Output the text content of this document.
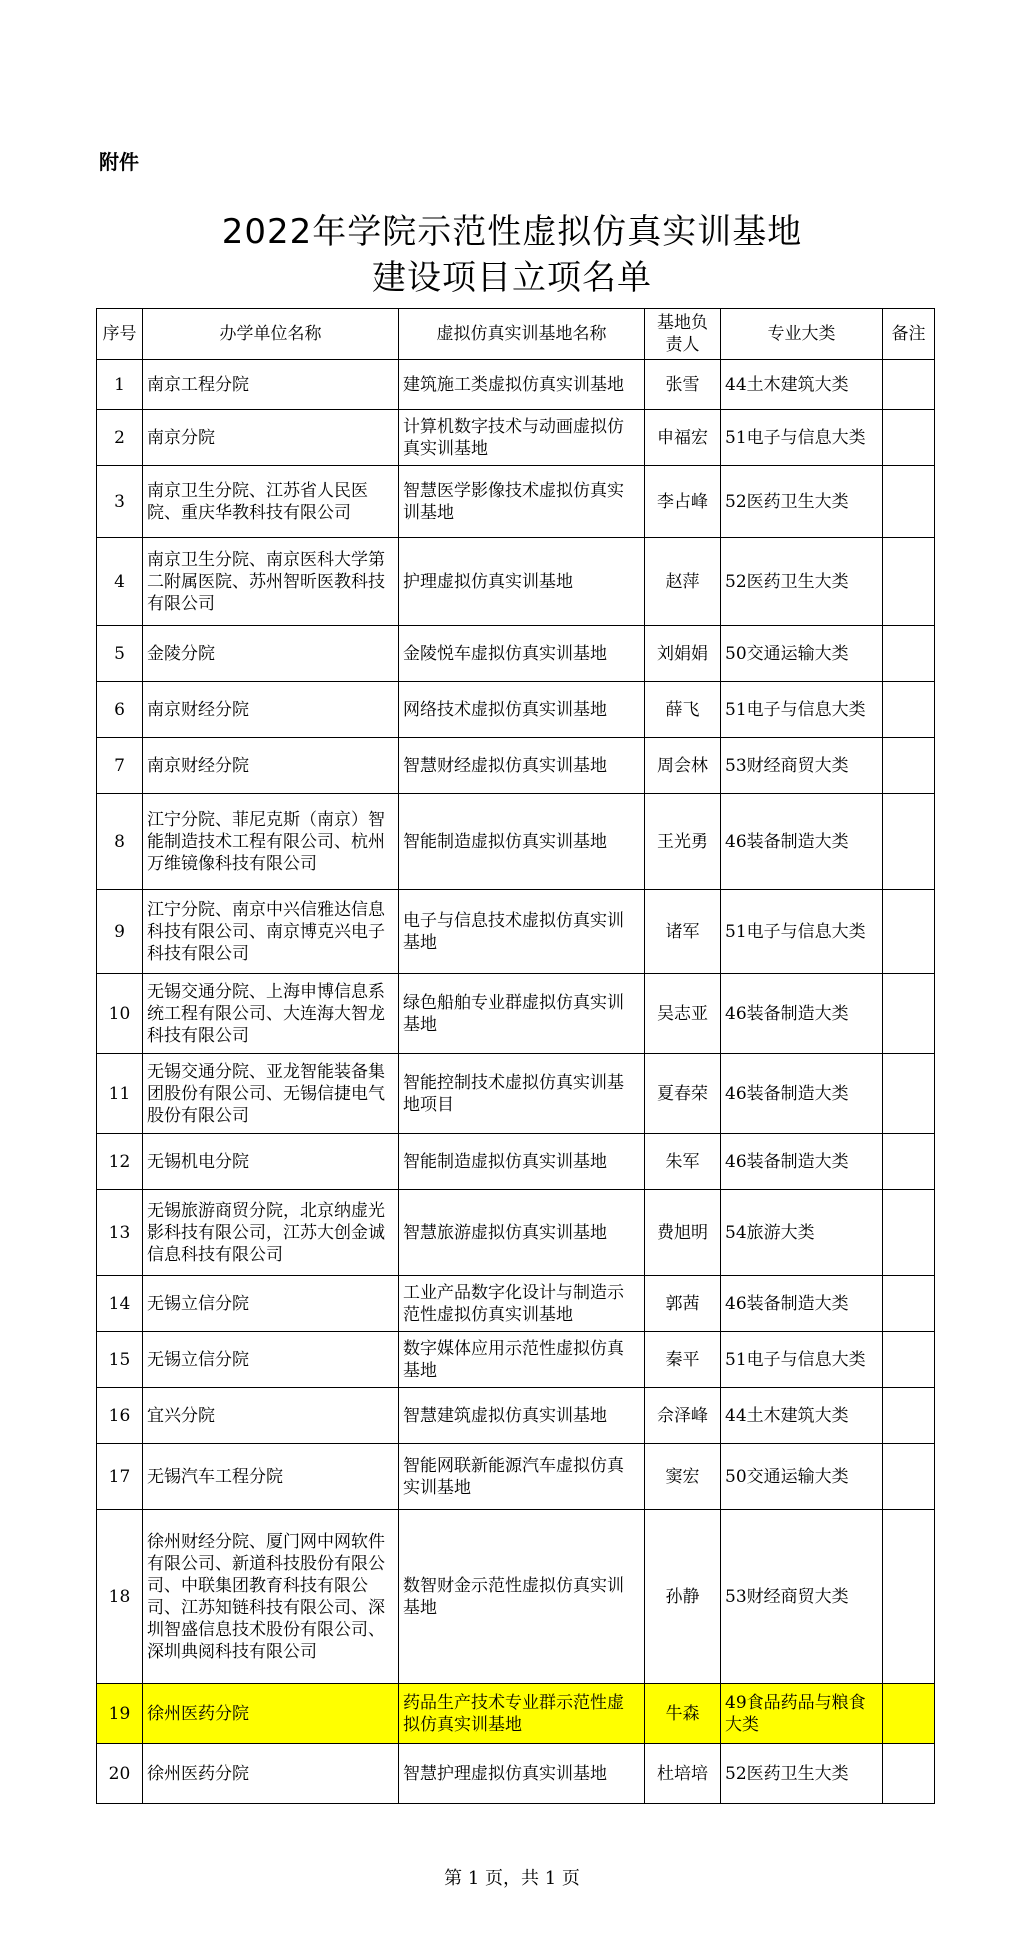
附件
2022年学院示范性虚拟仿真实训基地
建设项目立项名单
序号	办学单位名称	虚拟仿真实训基地名称	基地负责人	专业大类	备注
1	南京工程分院	建筑施工类虚拟仿真实训基地	张雪	44土木建筑大类	
2	南京分院	计算机数字技术与动画虚拟仿真实训基地	申福宏	51电子与信息大类	
3	南京卫生分院、江苏省人民医院、重庆华教科技有限公司	智慧医学影像技术虚拟仿真实训基地	李占峰	52医药卫生大类	
4	南京卫生分院、南京医科大学第二附属医院、苏州智昕医教科技有限公司	护理虚拟仿真实训基地	赵萍	52医药卫生大类	
5	金陵分院	金陵悦车虚拟仿真实训基地	刘娟娟	50交通运输大类	
6	南京财经分院	网络技术虚拟仿真实训基地	薛飞	51电子与信息大类	
7	南京财经分院	智慧财经虚拟仿真实训基地	周会林	53财经商贸大类	
8	江宁分院、菲尼克斯（南京）智能制造技术工程有限公司、杭州万维镜像科技有限公司	智能制造虚拟仿真实训基地	王光勇	46装备制造大类	
9	江宁分院、南京中兴信雅达信息科技有限公司、南京博克兴电子科技有限公司	电子与信息技术虚拟仿真实训基地	诸军	51电子与信息大类	
10	无锡交通分院、上海申博信息系统工程有限公司、大连海大智龙科技有限公司	绿色船舶专业群虚拟仿真实训基地	吴志亚	46装备制造大类	
11	无锡交通分院、亚龙智能装备集团股份有限公司、无锡信捷电气股份有限公司	智能控制技术虚拟仿真实训基地项目	夏春荣	46装备制造大类	
12	无锡机电分院	智能制造虚拟仿真实训基地	朱军	46装备制造大类	
13	无锡旅游商贸分院，北京纳虚光影科技有限公司，江苏大创金诚信息科技有限公司	智慧旅游虚拟仿真实训基地	费旭明	54旅游大类	
14	无锡立信分院	工业产品数字化设计与制造示范性虚拟仿真实训基地	郭茜	46装备制造大类	
15	无锡立信分院	数字媒体应用示范性虚拟仿真基地	秦平	51电子与信息大类	
16	宜兴分院	智慧建筑虚拟仿真实训基地	佘泽峰	44土木建筑大类	
17	无锡汽车工程分院	智能网联新能源汽车虚拟仿真实训基地	窦宏	50交通运输大类	
18	徐州财经分院、厦门网中网软件有限公司、新道科技股份有限公司、中联集团教育科技有限公司、江苏知链科技有限公司、深圳智盛信息技术股份有限公司、深圳典阅科技有限公司	数智财金示范性虚拟仿真实训基地	孙静	53财经商贸大类	
19	徐州医药分院	药品生产技术专业群示范性虚拟仿真实训基地	牛森	49食品药品与粮食大类	
20	徐州医药分院	智慧护理虚拟仿真实训基地	杜培培	52医药卫生大类	
第 1 页，共 1 页
